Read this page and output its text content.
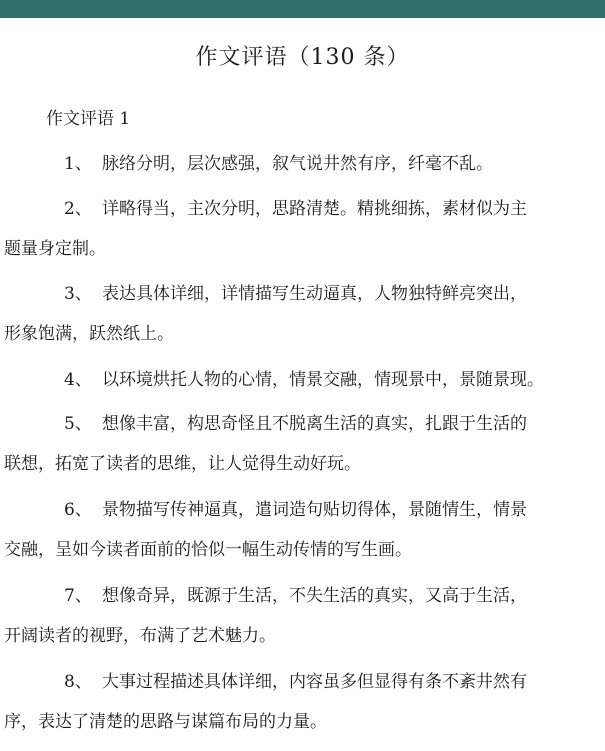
作文评语（130 条）
作文评语 1
1、 脉络分明，层次感强，叙气说井然有序，纤毫不乱。
2、 详略得当，主次分明，思路清楚。精挑细拣，素材似为主
题量身定制。
3、 表达具体详细，详情描写生动逼真，人物独特鲜亮突出，
形象饱满，跃然纸上。
4、 以环境烘托人物的心情，情景交融，情现景中，景随景现。
5、 想像丰富，构思奇怪且不脱离生活的真实，扎跟于生活的
联想，拓宽了读者的思维，让人觉得生动好玩。
6、 景物描写传神逼真，遣词造句贴切得体，景随情生，情景
交融，呈如今读者面前的恰似一幅生动传情的写生画。
7、 想像奇异，既源于生活，不失生活的真实，又高于生活，
开阔读者的视野，布满了艺术魅力。
8、 大事过程描述具体详细，内容虽多但显得有条不紊井然有
序，表达了清楚的思路与谋篇布局的力量。
